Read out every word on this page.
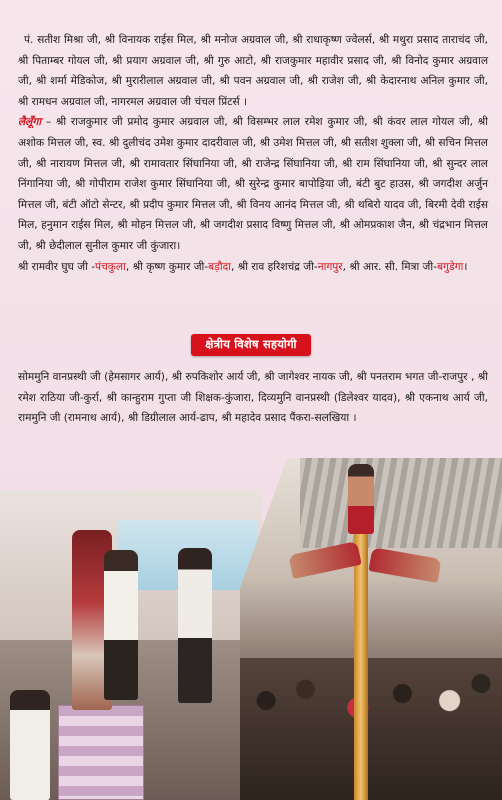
पं. सतीश मिश्रा जी, श्री विनायक राईस मिल, श्री मनोज अग्रवाल जी, श्री राधाकृष्ण ज्वेलर्स, श्री मथुरा प्रसाद ताराचंद जी, श्री पिताम्बर गोयल जी, श्री प्रयाग अग्रवाल जी, श्री गुरु आटो, श्री राजकुमार महावीर प्रसाद जी, श्री विनोद कुमार अग्रवाल जी, श्री शर्मा मेडिकोज, श्री मुरारीलाल अग्रवाल जी, श्री पवन अग्रवाल जी, श्री राजेश जी, श्री केदारनाथ अनिल कुमार जी, श्री रामधन अग्रवाल जी, नागरमल अग्रवाल जी चंचल प्रिंटर्स ।

लैलूँगा – श्री राजकुमार जी प्रमोद कुमार अग्रवाल जी, श्री विसम्भर लाल रमेश कुमार जी, श्री कंवर लाल गोयल जी, श्री अशोक मित्तल जी, स्व. श्री दुलीचंद उमेश कुमार दादरीवाल जी, श्री उमेश मित्तल जी, श्री सतीश शुक्ला जी, श्री सचिन मित्तल जी, श्री नारायण मित्तल जी, श्री रामावतार सिंघानिया जी, श्री राजेन्द्र सिंघानिया जी, श्री राम सिंघानिया जी, श्री सुन्दर लाल निंगानिया जी, श्री गोपीराम राजेश कुमार सिंघानिया जी, श्री सुरेन्द्र कुमार बापोड़िया जी, बंटी बुट हाउस, श्री जगदीश अर्जुन मित्तल जी, बंटी ऑटो सेन्टर, श्री प्रदीप कुमार मित्तल जी, श्री विनय आनंद मित्तल जी, श्री थबिरो यादव जी, बिरमी देवी राईस मिल, हनुमान राईस मिल, श्री मोहन मित्तल जी, श्री जगदीश प्रसाद विष्णु मित्तल जी, श्री ओमप्रकाश जैन, श्री चंद्रभान मित्तल जी, श्री छेदीलाल सुनील कुमार जी कुंजारा।

श्री रामवीर घुघ जी -पंचकुला, श्री कृष्ण कुमार जी-बड़ौदा, श्री राव हरिशचंद्र जी-नागपुर, श्री आर. सी. मित्रा जी-बगुडेगा।

क्षेत्रीय विशेष सहयोगी

सोममुनि वानप्रस्थी जी (हेमसागर आर्य), श्री रुपकिशोर आर्य जी, श्री जागेश्वर नायक जी, श्री पनतराम भगत जी-राजपुर , श्री रमेश राठिया जी-कुर्रा, श्री कान्हुराम गुप्ता जी शिक्षक-कुंजारा, दिव्यमुनि वानप्रस्थी (डिलेश्वर यादव), श्री एकनाथ आर्य जी, राममुनि जी (रामनाथ आर्य), श्री डिग्रीलाल आर्य-ढाप, श्री महादेव प्रसाद पैंकरा-सलखिया ।
